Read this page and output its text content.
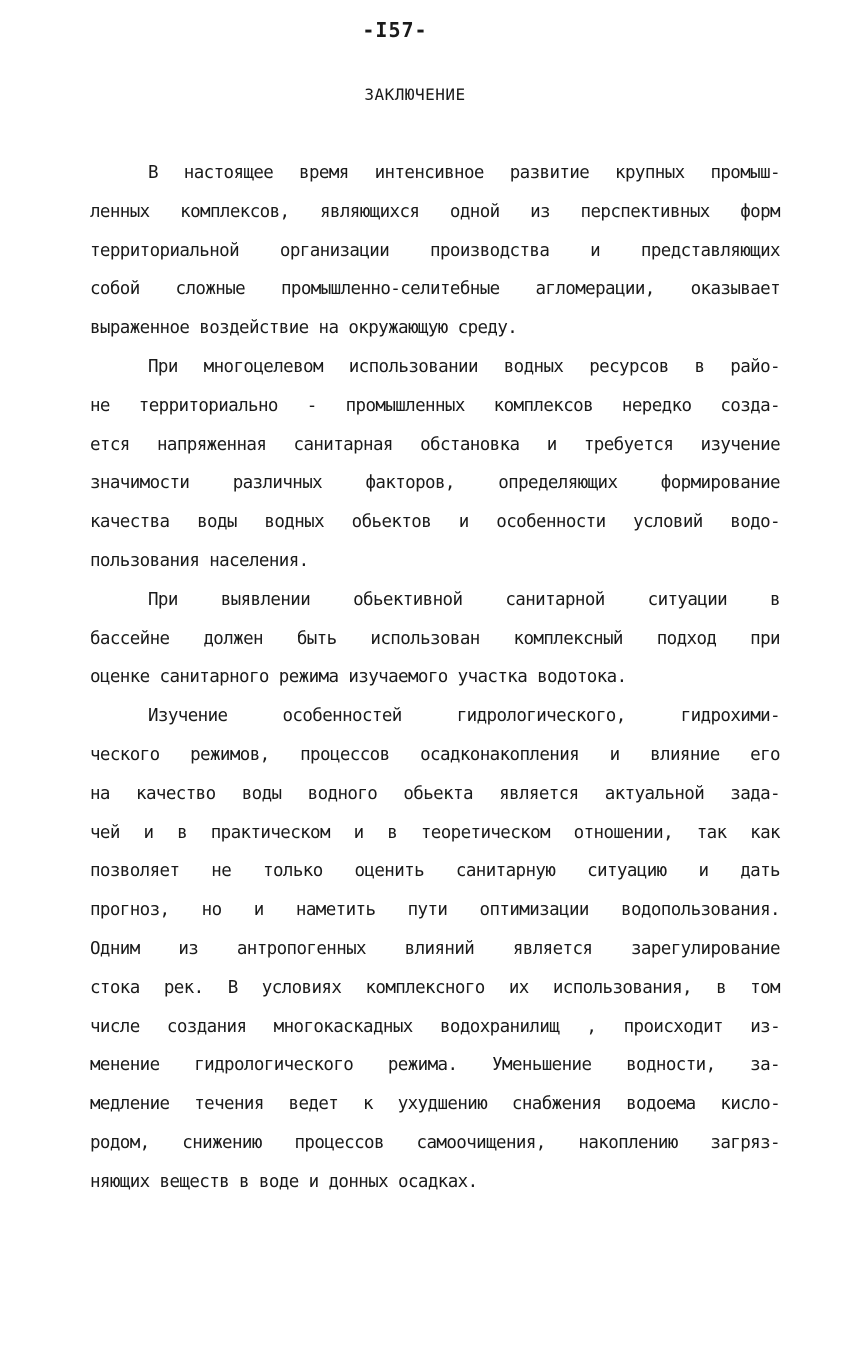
-I57-
ЗАКЛЮЧЕНИЕ
В настоящее время интенсивное развитие крупных промыш-
ленных комплексов, являющихся одной из перспективных форм
территориальной организации производства и представляющих
собой сложные промышленно-селитебные агломерации, оказывает
выраженное воздействие на окружающую среду.
При многоцелевом использовании водных ресурсов в райо-
не территориально - промышленных комплексов нередко созда-
ется напряженная санитарная обстановка и требуется изучение
значимости различных факторов, определяющих формирование
качества воды водных обьектов и особенности условий водо-
пользования населения.
При выявлении обьективной санитарной ситуации в
бассейне должен быть использован комплексный подход при
оценке санитарного режима изучаемого участка водотока.
Изучение особенностей гидрологического, гидрохими-
ческого режимов, процессов осадконакопления и влияние его
на качество воды водного обьекта является актуальной зада-
чей и в практическом и в теоретическом отношении, так как
позволяет не только оценить санитарную ситуацию и дать
прогноз, но и наметить пути оптимизации водопользования.
Одним из антропогенных влияний является зарегулирование
стока рек. В условиях комплексного их использования, в том
числе создания многокаскадных водохранилищ , происходит из-
менение гидрологического режима. Уменьшение водности, за-
медление течения ведет к ухудшению снабжения водоема кисло-
родом, снижению процессов самоочищения, накоплению загряз-
няющих веществ в воде и донных осадках.
